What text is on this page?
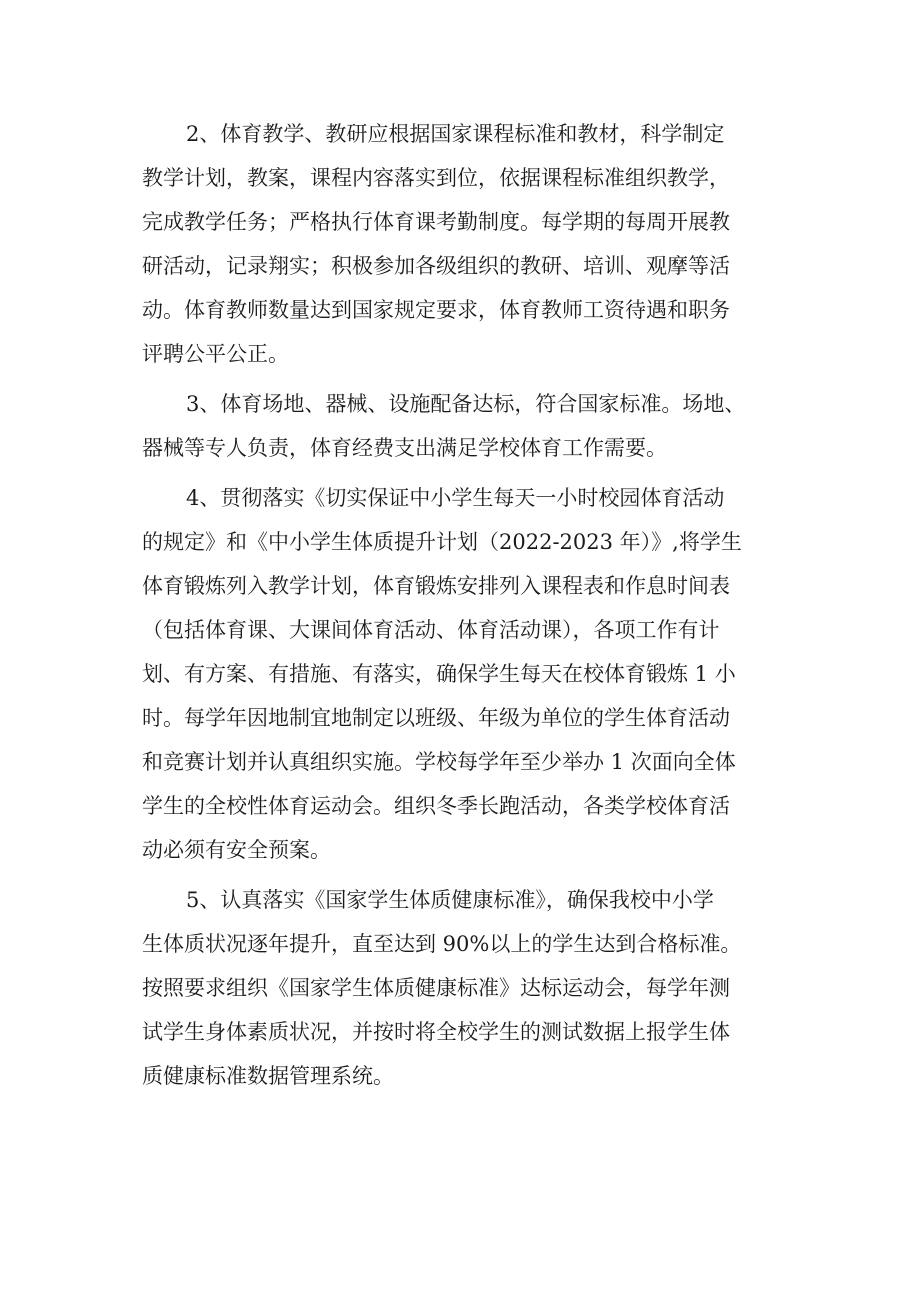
2、体育教学、教研应根据国家课程标准和教材，科学制定
教学计划，教案，课程内容落实到位，依据课程标准组织教学，
完成教学任务；严格执行体育课考勤制度。每学期的每周开展教
研活动，记录翔实；积极参加各级组织的教研、培训、观摩等活
动。体育教师数量达到国家规定要求，体育教师工资待遇和职务
评聘公平公正。
3、体育场地、器械、设施配备达标，符合国家标准。场地、
器械等专人负责，体育经费支出满足学校体育工作需要。
4、贯彻落实《切实保证中小学生每天一小时校园体育活动
的规定》和《中小学生体质提升计划（2022-2023 年）》,将学生
体育锻炼列入教学计划，体育锻炼安排列入课程表和作息时间表
（包括体育课、大课间体育活动、体育活动课），各项工作有计
划、有方案、有措施、有落实，确保学生每天在校体育锻炼 1 小
时。每学年因地制宜地制定以班级、年级为单位的学生体育活动
和竞赛计划并认真组织实施。学校每学年至少举办 1 次面向全体
学生的全校性体育运动会。组织冬季长跑活动，各类学校体育活
动必须有安全预案。
5、认真落实《国家学生体质健康标准》，确保我校中小学
生体质状况逐年提升，直至达到 90%以上的学生达到合格标准。
按照要求组织《国家学生体质健康标准》达标运动会，每学年测
试学生身体素质状况，并按时将全校学生的测试数据上报学生体
质健康标准数据管理系统。
